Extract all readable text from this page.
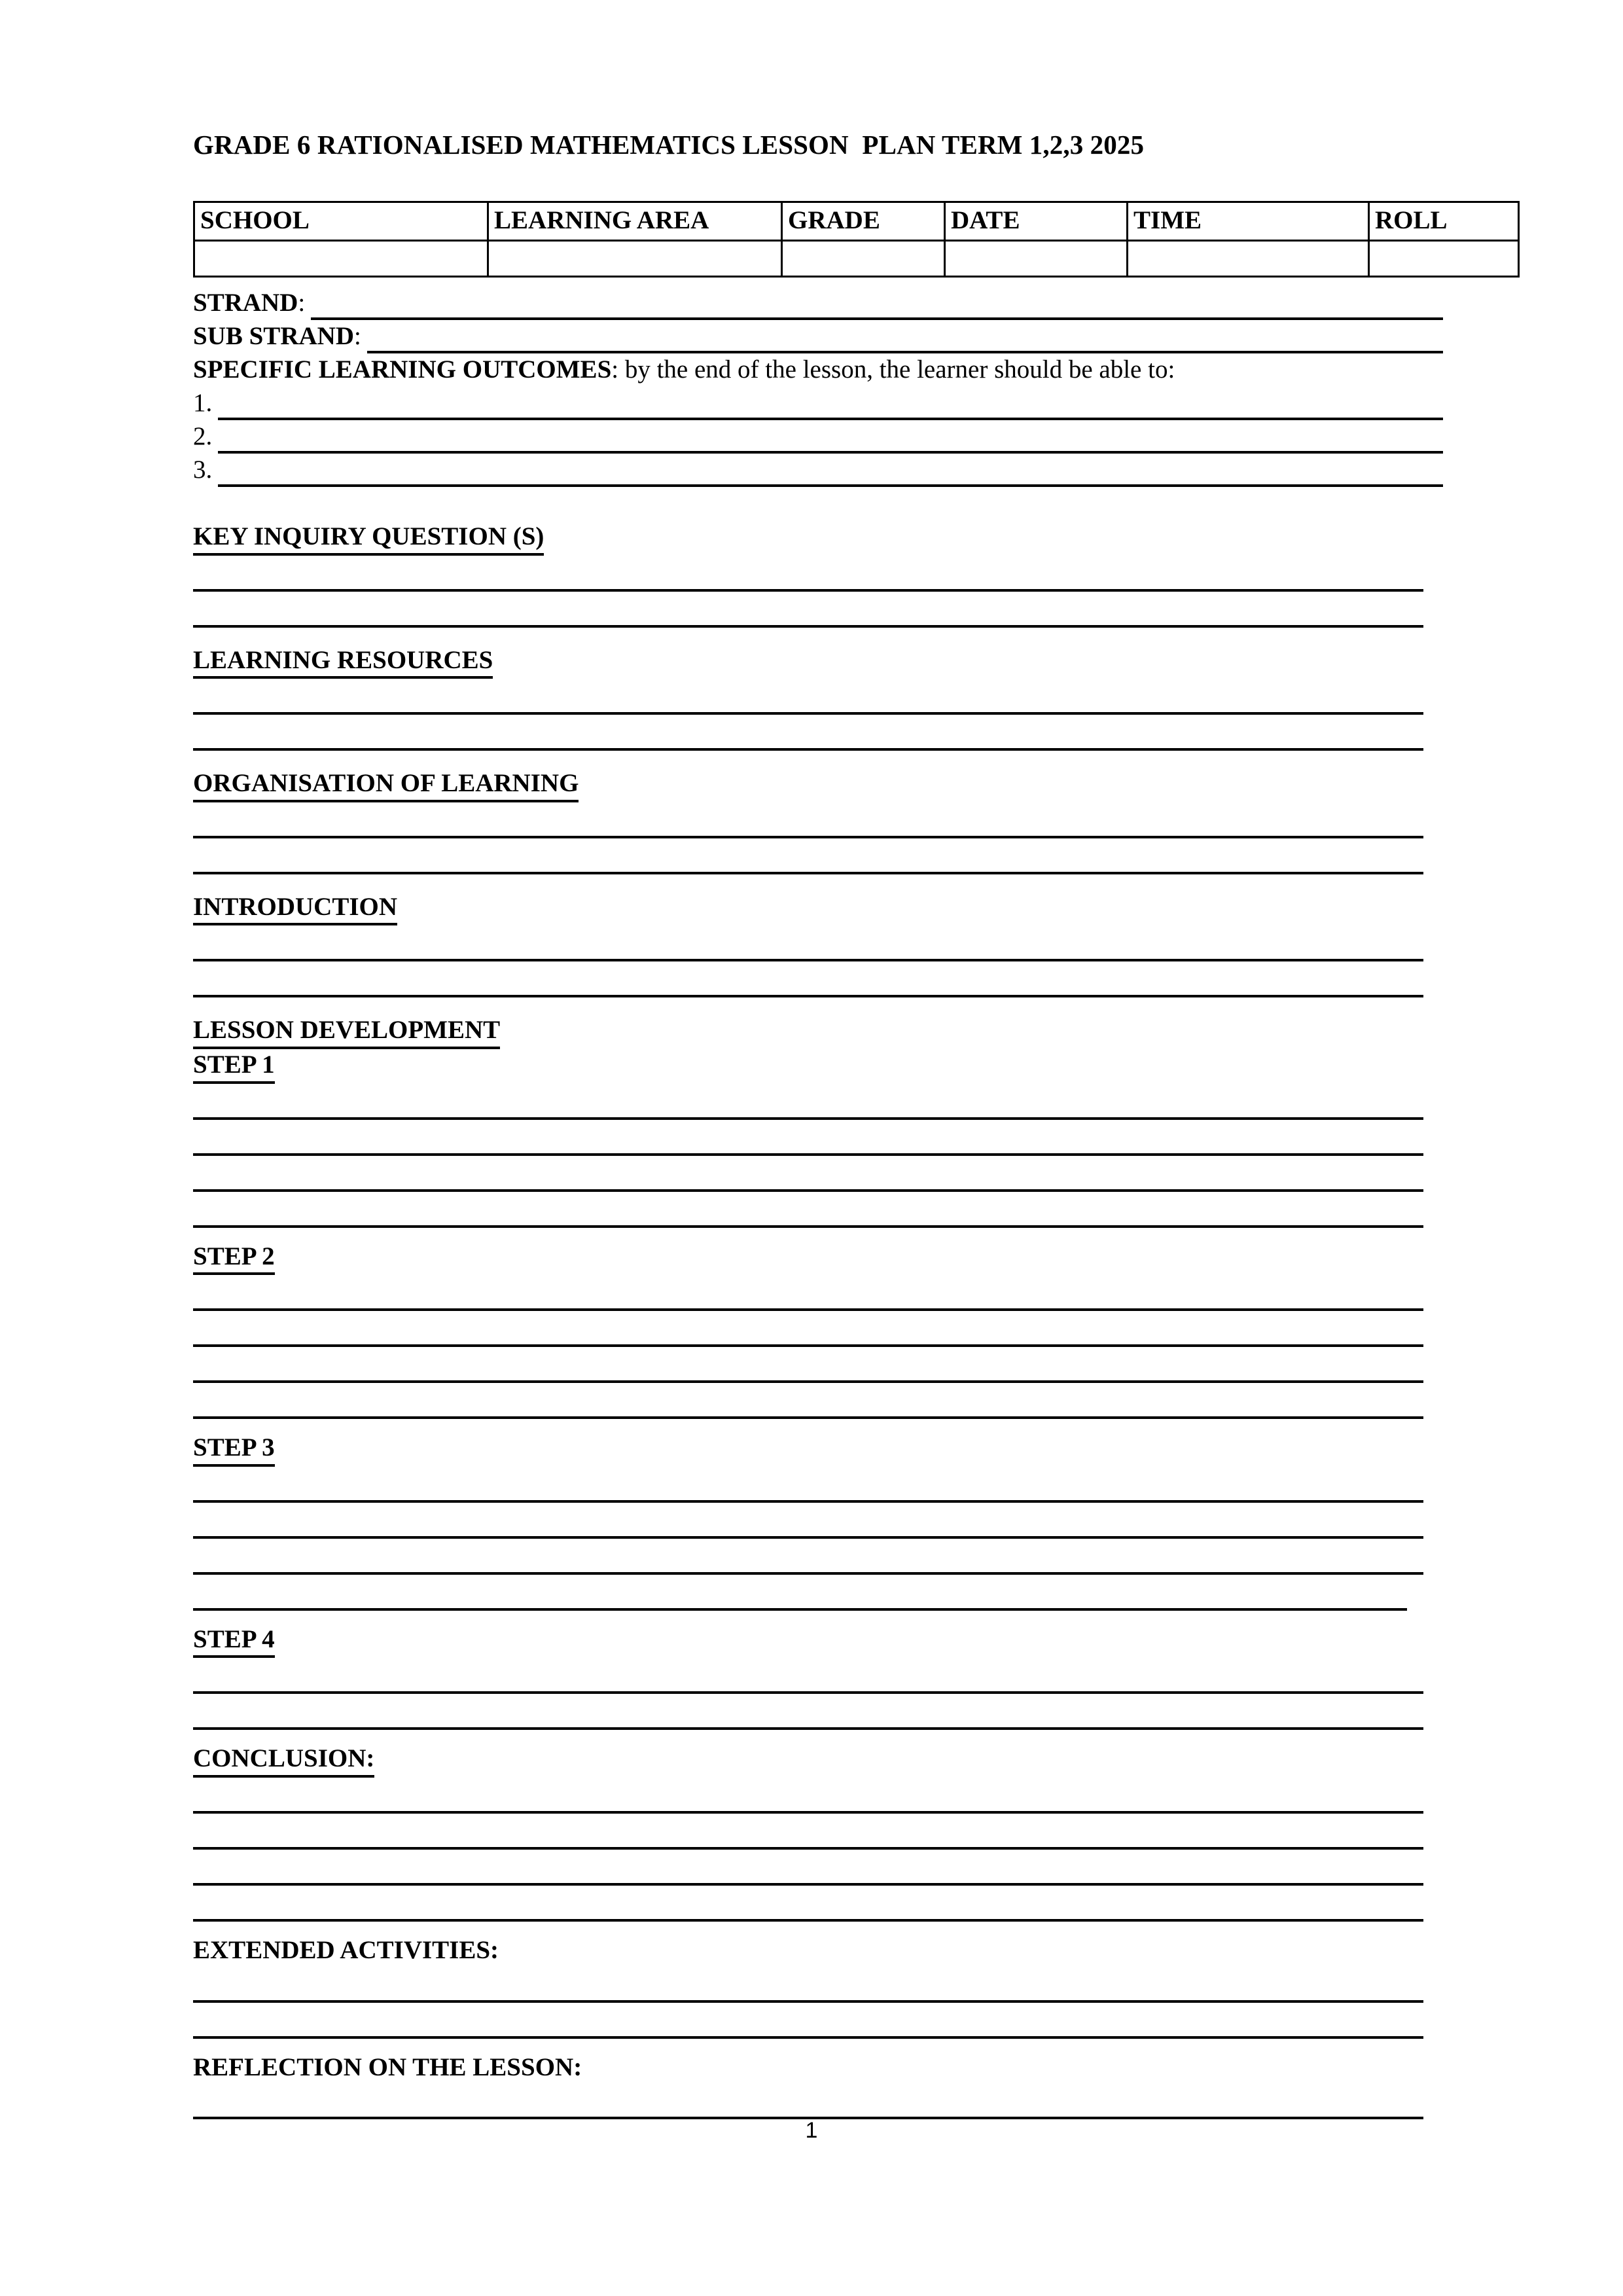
GRADE 6 RATIONALISED MATHEMATICS LESSON  PLAN TERM 1,2,3 2025
SCHOOL	LEARNING AREA	GRADE	DATE	TIME	ROLL

STRAND :
SUB STRAND :
SPECIFIC LEARNING OUTCOMES : by the end of the lesson, the learner should be able to:
1.
2.
3.
KEY INQUIRY QUESTION (S)
LEARNING RESOURCES
ORGANISATION OF LEARNING
INTRODUCTION
LESSON DEVELOPMENT
STEP 1
STEP 2
STEP 3
STEP 4
CONCLUSION:
EXTENDED ACTIVITIES:
REFLECTION ON THE LESSON:
1
